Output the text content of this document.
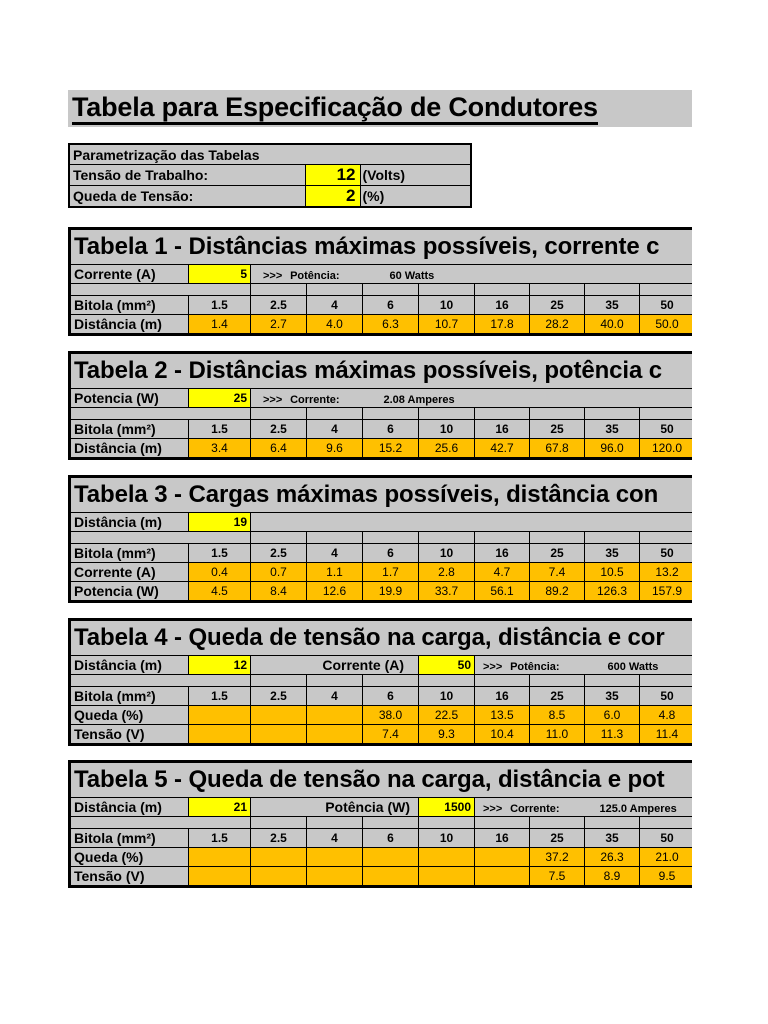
Tabela para Especificação de Condutores
Parametrização das Tabelas		
Tensão de Trabalho:	12	(Volts)
Queda de Tensão:	2	(%)
Tabela 1 - Distâncias máximas possíveis, corrente c										
Corrente (A)	5	>>> Potência: 60 Watts								

Bitola (mm²)	1.5	2.5	4	6	10	16	25	35	50	
Distância (m)	1.4	2.7	4.0	6.3	10.7	17.8	28.2	40.0	50.0	
Tabela 2 - Distâncias máximas possíveis, potência c										
Potencia (W)	25	>>> Corrente: 2.08 Amperes								

Bitola (mm²)	1.5	2.5	4	6	10	16	25	35	50	
Distância (m)	3.4	6.4	9.6	15.2	25.6	42.7	67.8	96.0	120.0	
Tabela 3 - Cargas máximas possíveis, distância con										
Distância (m)	19									

Bitola (mm²)	1.5	2.5	4	6	10	16	25	35	50	
Corrente (A)	0.4	0.7	1.1	1.7	2.8	4.7	7.4	10.5	13.2	
Potencia (W)	4.5	8.4	12.6	19.9	33.7	56.1	89.2	126.3	157.9	
Tabela 4 - Queda de tensão na carga, distância e cor										
Distância (m)	12	Corrente (A)			50	>>> Potência: 600 Watts				

Bitola (mm²)	1.5	2.5	4	6	10	16	25	35	50	
Queda (%)				38.0	22.5	13.5	8.5	6.0	4.8	
Tensão (V)				7.4	9.3	10.4	11.0	11.3	11.4	
Tabela 5 - Queda de tensão na carga, distância e pot										
Distância (m)	21	Potência (W)			1500	>>> Corrente: 125.0 Amperes				

Bitola (mm²)	1.5	2.5	4	6	10	16	25	35	50	
Queda (%)							37.2	26.3	21.0	
Tensão (V)							7.5	8.9	9.5	
